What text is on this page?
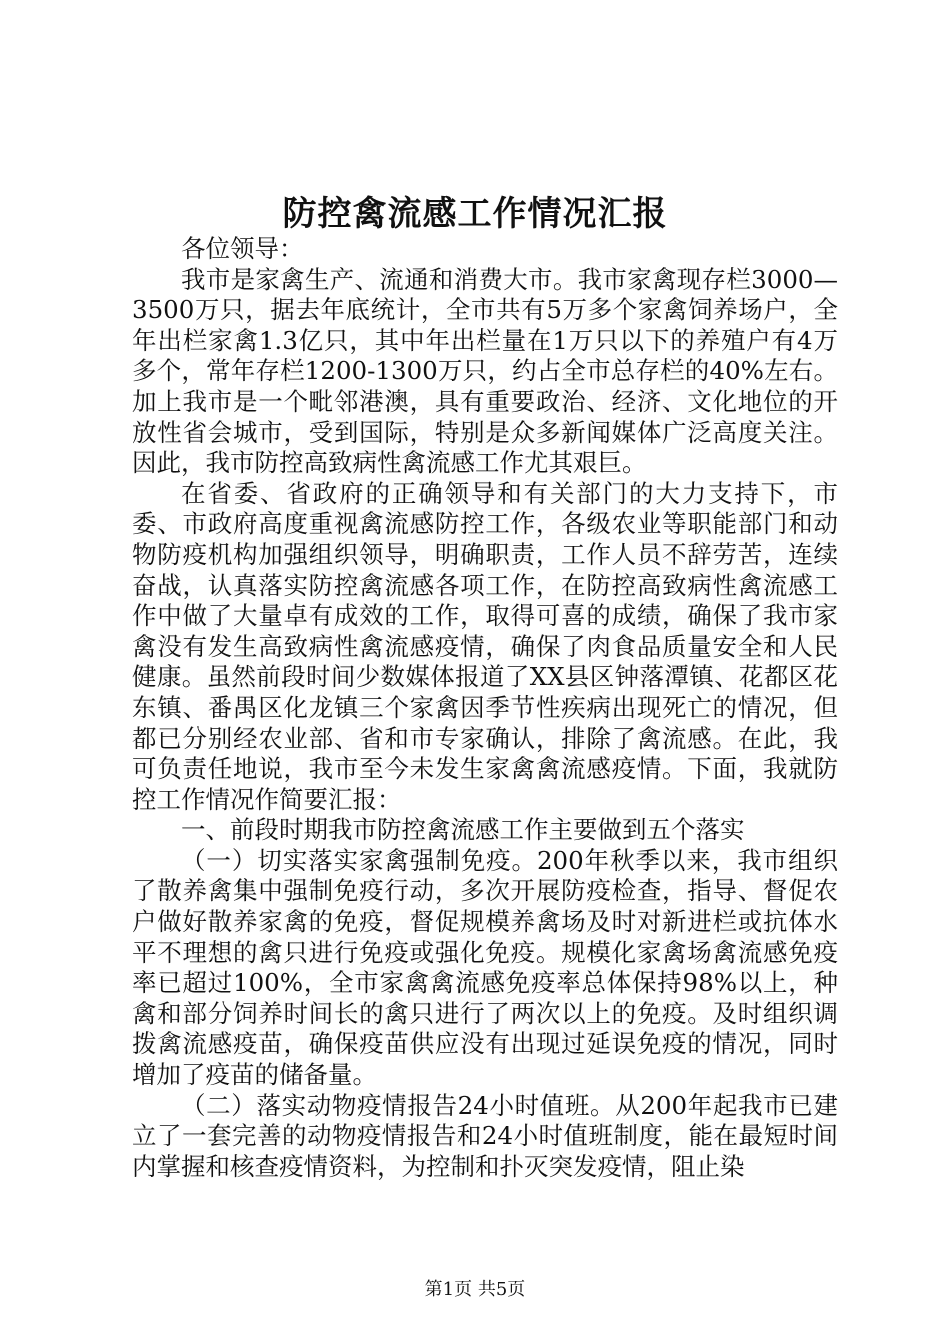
防控禽流感工作情况汇报

各位领导：

我市是家禽生产、流通和消费大市。我市家禽现存栏3000—3500万只，据去年底统计，全市共有5万多个家禽饲养场户，全年出栏家禽1.3亿只，其中年出栏量在1万只以下的养殖户有4万多个，常年存栏1200-1300万只，约占全市总存栏的40%左右。加上我市是一个毗邻港澳，具有重要政治、经济、文化地位的开放性省会城市，受到国际，特别是众多新闻媒体广泛高度关注。因此，我市防控高致病性禽流感工作尤其艰巨。

在省委、省政府的正确领导和有关部门的大力支持下，市委、市政府高度重视禽流感防控工作，各级农业等职能部门和动物防疫机构加强组织领导，明确职责，工作人员不辞劳苦，连续奋战，认真落实防控禽流感各项工作，在防控高致病性禽流感工作中做了大量卓有成效的工作，取得可喜的成绩，确保了我市家禽没有发生高致病性禽流感疫情，确保了肉食品质量安全和人民健康。虽然前段时间少数媒体报道了XX县区钟落潭镇、花都区花东镇、番禺区化龙镇三个家禽因季节性疾病出现死亡的情况，但都已分别经农业部、省和市专家确认，排除了禽流感。在此，我可负责任地说，我市至今未发生家禽禽流感疫情。下面，我就防控工作情况作简要汇报：

一、前段时期我市防控禽流感工作主要做到五个落实

（一）切实落实家禽强制免疫。200年秋季以来，我市组织了散养禽集中强制免疫行动，多次开展防疫检查，指导、督促农户做好散养家禽的免疫，督促规模养禽场及时对新进栏或抗体水平不理想的禽只进行免疫或强化免疫。规模化家禽场禽流感免疫率已超过100%，全市家禽禽流感免疫率总体保持98%以上，种禽和部分饲养时间长的禽只进行了两次以上的免疫。及时组织调拨禽流感疫苗，确保疫苗供应没有出现过延误免疫的情况，同时增加了疫苗的储备量。

（二）落实动物疫情报告24小时值班。从200年起我市已建立了一套完善的动物疫情报告和24小时值班制度，能在最短时间内掌握和核查疫情资料，为控制和扑灭突发疫情，阻止染

第1页 共5页
